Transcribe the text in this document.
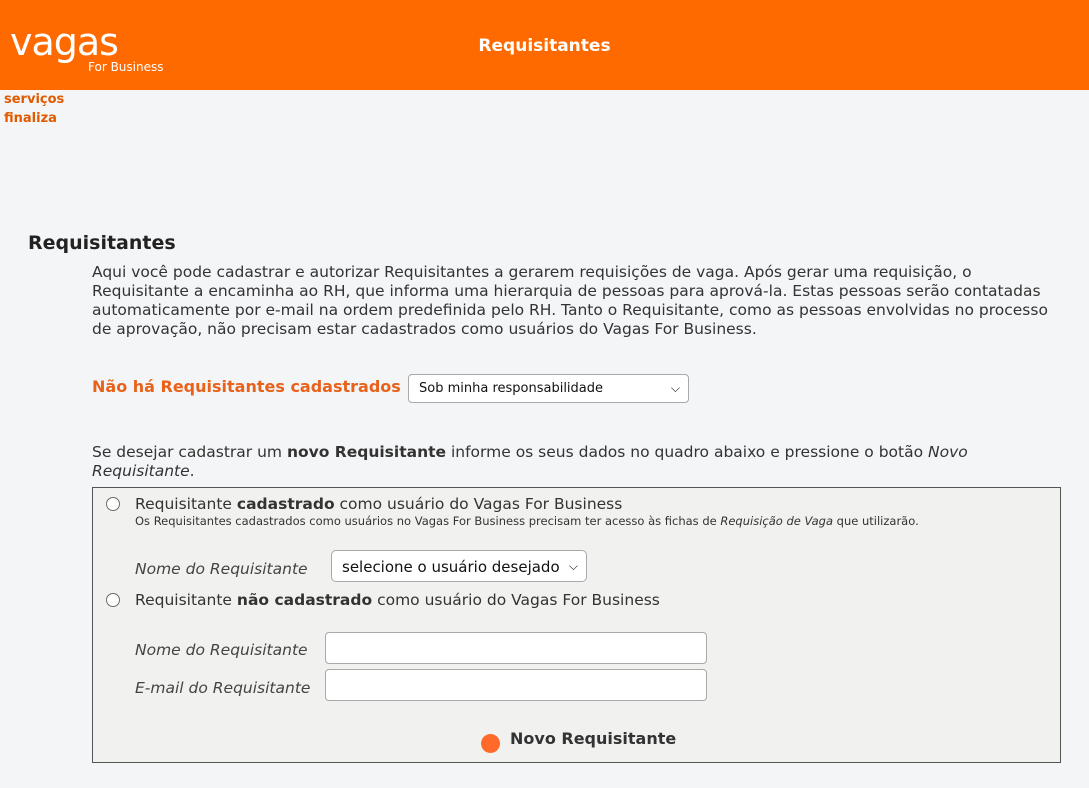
vagas
For Business
Requisitantes
serviços
finaliza
Requisitantes

Aqui você pode cadastrar e autorizar Requisitantes a gerarem requisições de vaga. Após gerar uma requisição, o Requisitante a encaminha ao RH, que informa uma hierarquia de pessoas para aprová-la. Estas pessoas serão contatadas automaticamente por e-mail na ordem predefinida pelo RH. Tanto o Requisitante, como as pessoas envolvidas no processo de aprovação, não precisam estar cadastrados como usuários do Vagas For Business.

Não há Requisitantes cadastrados Sob minha responsabilidade	⌵

Se desejar cadastrar um novo Requisitante informe os seus dados no quadro abaixo e pressione o botão Novo Requisitante.

Requisitante cadastrado como usuário do Vagas For Business
Os Requisitantes cadastrados como usuários no Vagas For Business precisam ter acesso às fichas de Requisição de Vaga que utilizarão.
Nome do Requisitante selecione o usuário desejado ⌵
Requisitante não cadastrado como usuário do Vagas For Business
Nome do Requisitante
E-mail do Requisitante
Novo Requisitante
